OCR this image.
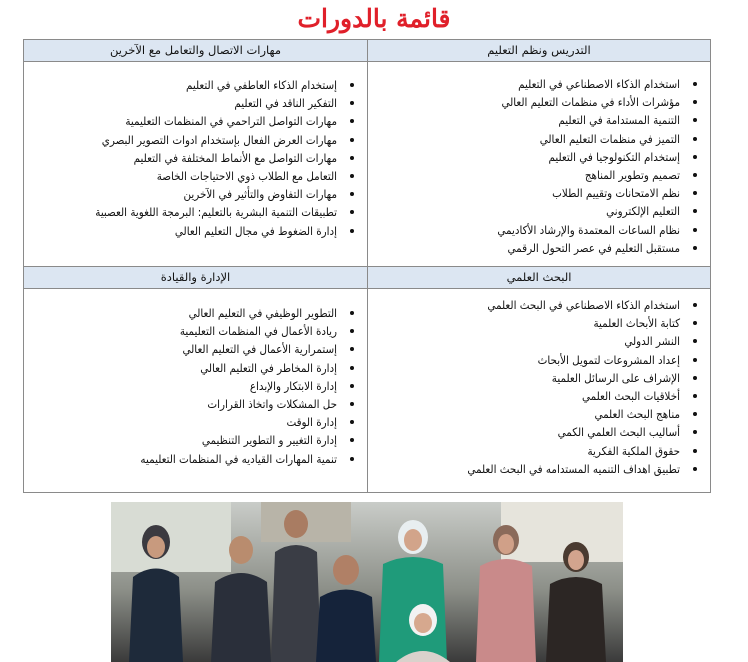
قائمة بالدورات
التدريس ونظم التعليم
مهارات الاتصال والتعامل مع الآخرين
استخدام الذكاء الاصطناعي في التعليم
مؤشرات الأداء في منظمات التعليم العالي
التنمية المستدامة في التعليم
التميز في منظمات التعليم العالي
إستخدام التكنولوجيا في التعليم
تصميم وتطوير المناهج
نظم الامتحانات وتقييم الطلاب
التعليم الإلكتروني
نظام الساعات المعتمدة والإرشاد الأكاديمي
مستقبل التعليم في عصر التحول الرقمي
إستخدام الذكاء العاطفي في التعليم
التفكير الناقد في التعليم
مهارات التواصل التراحمي في المنظمات التعليمية
مهارات العرض الفعال بإستخدام ادوات التصوير البصري
مهارات التواصل مع الأنماط المختلفة في التعليم
التعامل مع الطلاب ذوي الاحتياجات الخاصة
مهارات التفاوض والتأثير في الآخرين
تطبيقات التنمية البشرية بالتعليم: البرمجة اللغوية العصبية
إدارة الضغوط في مجال التعليم العالي
البحث العلمي
الإدارة والقيادة
استخدام الذكاء الاصطناعي في البحث العلمي
كتابة الأبحاث العلمية
النشر الدولي
إعداد المشروعات لتمويل الأبحاث
الإشراف على الرسائل العلمية
أخلاقيات البحث العلمي
مناهج البحث العلمي
أساليب البحث العلمي الكمي
حقوق الملكية الفكرية
تطبيق اهداف التنميه المستدامه في البحث العلمي
التطوير الوظيفي في التعليم العالي
ريادة الأعمال في المنظمات التعليمية
إستمرارية الأعمال في التعليم العالي
إدارة المخاطر في التعليم العالي
إدارة الابتكار والإبداع
حل المشكلات واتخاذ القرارات
إدارة الوقت
إدارة التغيير و التطوير التنظيمي
تنمية المهارات القياديه في المنظمات التعليميه
